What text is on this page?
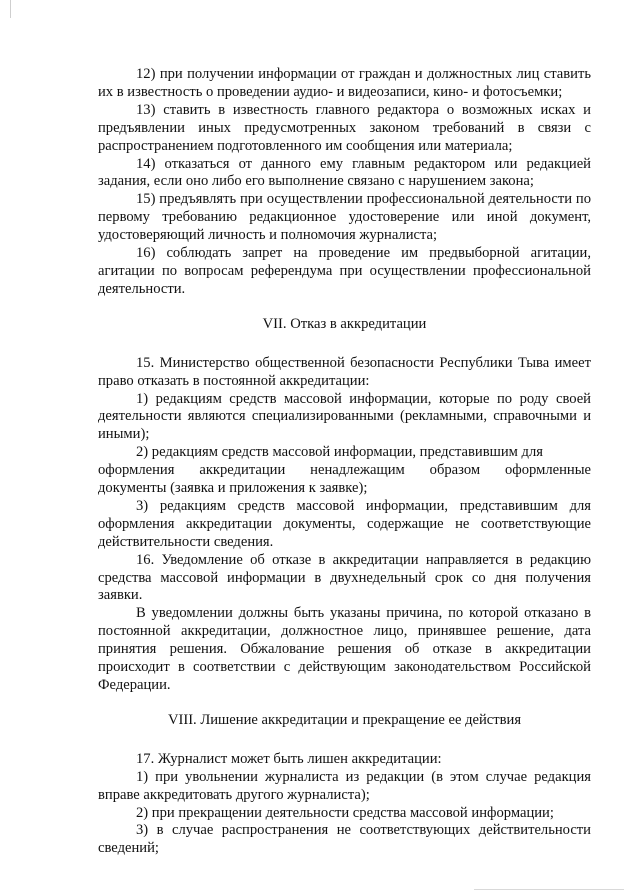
12) при получении информации от граждан и должностных лиц ставить их в известность о проведении аудио- и видеозаписи, кино- и фотосъемки;

13) ставить в известность главного редактора о возможных исках и предъявлении иных предусмотренных законом требований в связи с распространением подготовленного им сообщения или материала;

14) отказаться от данного ему главным редактором или редакцией задания, если оно либо его выполнение связано с нарушением закона;

15) предъявлять при осуществлении профессиональной деятельности по первому требованию редакционное удостоверение или иной документ, удостоверяющий личность и полномочия журналиста;

16) соблюдать запрет на проведение им предвыборной агитации, агитации по вопросам референдума при осуществлении профессиональной деятельности.

VII. Отказ в аккредитации

15. Министерство общественной безопасности Республики Тыва имеет право отказать в постоянной аккредитации:

1) редакциям средств массовой информации, которые по роду своей деятельности являются специализированными (рекламными, справочными и иными);

2) редакциям средств массовой информации, представившим для

оформления аккредитации ненадлежащим образом оформленные

документы (заявка и приложения к заявке);

3) редакциям средств массовой информации, представившим для оформления аккредитации документы, содержащие не соответствующие действительности сведения.

16. Уведомление об отказе в аккредитации направляется в редакцию средства массовой информации в двухнедельный срок со дня получения заявки.

В уведомлении должны быть указаны причина, по которой отказано в постоянной аккредитации, должностное лицо, принявшее решение, дата принятия решения. Обжалование решения об отказе в аккредитации происходит в соответствии с действующим законодательством Российской Федерации.

VIII. Лишение аккредитации и прекращение ее действия

17. Журналист может быть лишен аккредитации:

1) при увольнении журналиста из редакции (в этом случае редакция вправе аккредитовать другого журналиста);

2) при прекращении деятельности средства массовой информации;

3) в случае распространения не соответствующих действительности сведений;
